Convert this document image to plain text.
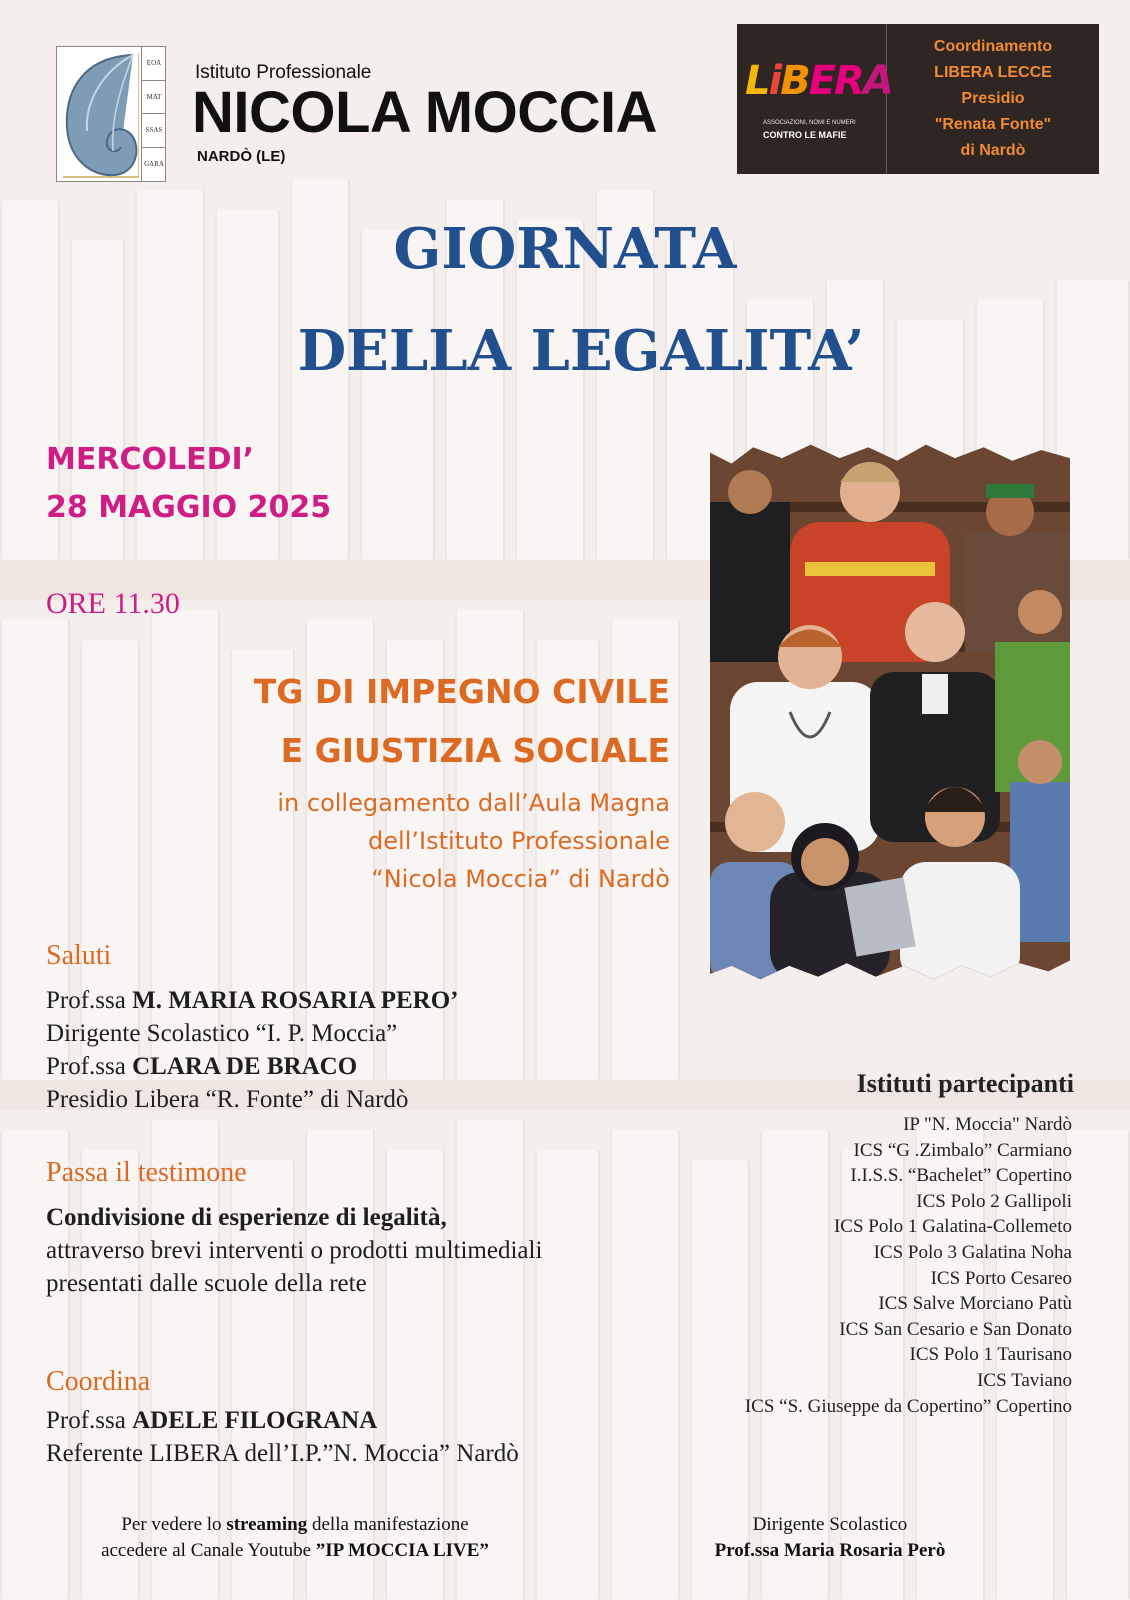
EOA
MAT
SSAS
GARA
Istituto Professionale
NICOLA MOCCIA
NARDÒ (LE)
LiBERA
ASSOCIAZIONI, NOMI E NUMERI
CONTRO LE MAFIE
Coordinamento
LIBERA LECCE
Presidio
"Renata Fonte"
di Nardò
GIORNATA
DELLA LEGALITA’
MERCOLEDI’
28 MAGGIO 2025
ORE 11.30
TG DI IMPEGNO CIVILE
E GIUSTIZIA SOCIALE
in collegamento dall’Aula Magna
dell’Istituto Professionale
“Nicola Moccia” di Nardò
Saluti
Prof.ssa M. MARIA ROSARIA PERO’
Dirigente Scolastico “I. P. Moccia”
Prof.ssa CLARA DE BRACO
Presidio Libera “R. Fonte” di Nardò
Passa il testimone
Condivisione di esperienze di legalità,
attraverso brevi interventi o prodotti multimediali
presentati dalle scuole della rete
Coordina
Prof.ssa ADELE FILOGRANA
Referente LIBERA dell’I.P.”N. Moccia” Nardò
Istituti partecipanti
IP "N. Moccia" Nardò
ICS “G .Zimbalo” Carmiano
I.I.S.S. “Bachelet” Copertino
ICS Polo 2 Gallipoli
ICS Polo 1 Galatina-Collemeto
ICS Polo 3 Galatina Noha
ICS Porto Cesareo
ICS Salve Morciano Patù
ICS San Cesario e San Donato
ICS Polo 1 Taurisano
ICS Taviano
ICS “S. Giuseppe da Copertino” Copertino
Per vedere lo streaming della manifestazione
accedere al Canale Youtube ”IP MOCCIA LIVE”
Dirigente Scolastico
Prof.ssa Maria Rosaria Però
